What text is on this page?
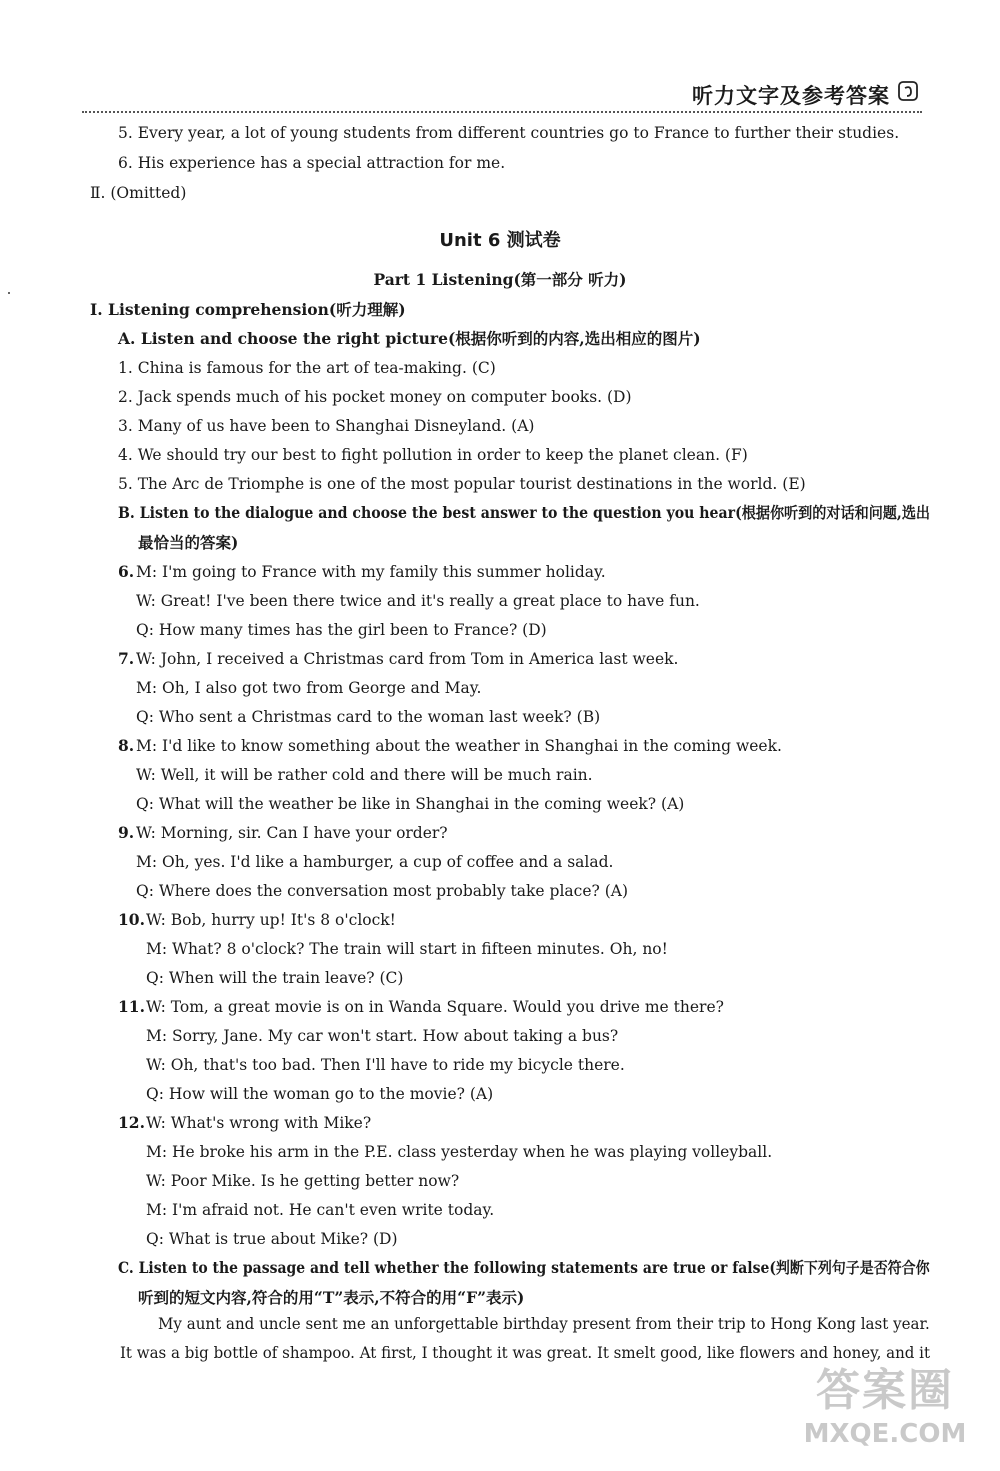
听力文字及参考答案
5. Every year, a lot of young students from different countries go to France to further their studies.
6. His experience has a special attraction for me.
Ⅱ. (Omitted)
Unit 6 测试卷
Part 1 Listening(第一部分 听力)
Ⅰ. Listening comprehension(听力理解)
A. Listen and choose the right picture(根据你听到的内容,选出相应的图片)
1. China is famous for the art of tea-making. (C)
2. Jack spends much of his pocket money on computer books. (D)
3. Many of us have been to Shanghai Disneyland. (A)
4. We should try our best to fight pollution in order to keep the planet clean. (F)
5. The Arc de Triomphe is one of the most popular tourist destinations in the world. (E)
B. Listen to the dialogue and choose the best answer to the question you hear(根据你听到的对话和问题,选出
最恰当的答案)
6. M: I'm going to France with my family this summer holiday.
W: Great! I've been there twice and it's really a great place to have fun.
Q: How many times has the girl been to France? (D)
7. W: John, I received a Christmas card from Tom in America last week.
M: Oh, I also got two from George and May.
Q: Who sent a Christmas card to the woman last week? (B)
8. M: I'd like to know something about the weather in Shanghai in the coming week.
W: Well, it will be rather cold and there will be much rain.
Q: What will the weather be like in Shanghai in the coming week? (A)
9. W: Morning, sir. Can I have your order?
M: Oh, yes. I'd like a hamburger, a cup of coffee and a salad.
Q: Where does the conversation most probably take place? (A)
10. W: Bob, hurry up! It's 8 o'clock!
M: What? 8 o'clock? The train will start in fifteen minutes. Oh, no!
Q: When will the train leave? (C)
11. W: Tom, a great movie is on in Wanda Square. Would you drive me there?
M: Sorry, Jane. My car won't start. How about taking a bus?
W: Oh, that's too bad. Then I'll have to ride my bicycle there.
Q: How will the woman go to the movie? (A)
12. W: What's wrong with Mike?
M: He broke his arm in the P.E. class yesterday when he was playing volleyball.
W: Poor Mike. Is he getting better now?
M: I'm afraid not. He can't even write today.
Q: What is true about Mike? (D)
C. Listen to the passage and tell whether the following statements are true or false(判断下列句子是否符合你
听到的短文内容,符合的用“T”表示,不符合的用“F”表示)
My aunt and uncle sent me an unforgettable birthday present from their trip to Hong Kong last year.
It was a big bottle of shampoo. At first, I thought it was great. It smelt good, like flowers and honey, and it
答案圈
MXQE.COM
